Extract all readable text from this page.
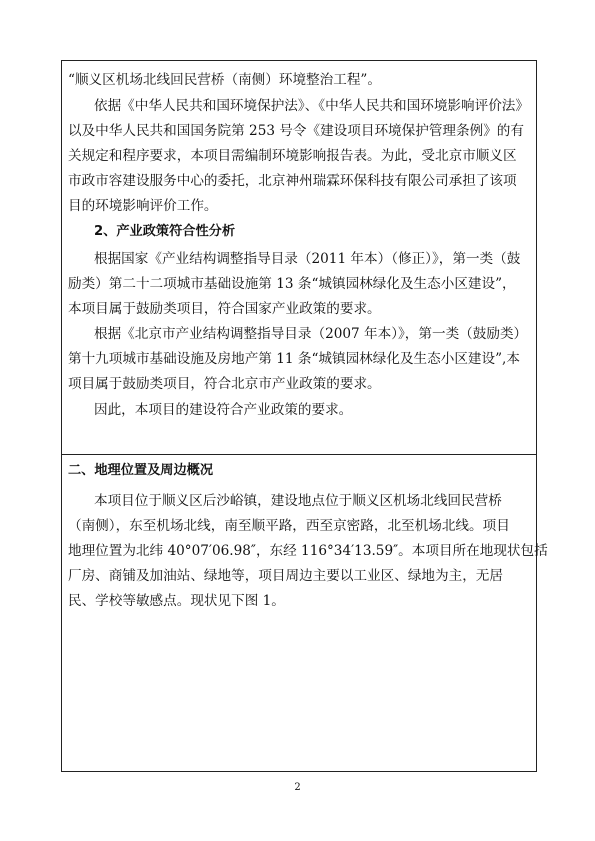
“顺义区机场北线回民营桥（南侧）环境整治工程”。
依据《中华人民共和国环境保护法》、《中华人民共和国环境影响评价法》
以及中华人民共和国国务院第 253 号令《建设项目环境保护管理条例》的有
关规定和程序要求，本项目需编制环境影响报告表。为此，受北京市顺义区
市政市容建设服务中心的委托，北京神州瑞霖环保科技有限公司承担了该项
目的环境影响评价工作。
2、产业政策符合性分析
根据国家《产业结构调整指导目录（2011 年本）（修正）》，第一类（鼓
励类）第二十二项城市基础设施第 13 条“城镇园林绿化及生态小区建设”，
本项目属于鼓励类项目，符合国家产业政策的要求。
根据《北京市产业结构调整指导目录（2007 年本）》，第一类（鼓励类）
第十九项城市基础设施及房地产第 11 条“城镇园林绿化及生态小区建设”,本
项目属于鼓励类项目，符合北京市产业政策的要求。
因此，本项目的建设符合产业政策的要求。
二、地理位置及周边概况
本项目位于顺义区后沙峪镇，建设地点位于顺义区机场北线回民营桥
（南侧），东至机场北线，南至顺平路，西至京密路，北至机场北线。项目
地理位置为北纬 40°07′06.98″，东经 116°34′13.59″。本项目所在地现状包括
厂房、商铺及加油站、绿地等，项目周边主要以工业区、绿地为主，无居
民、学校等敏感点。现状见下图 1。
2
